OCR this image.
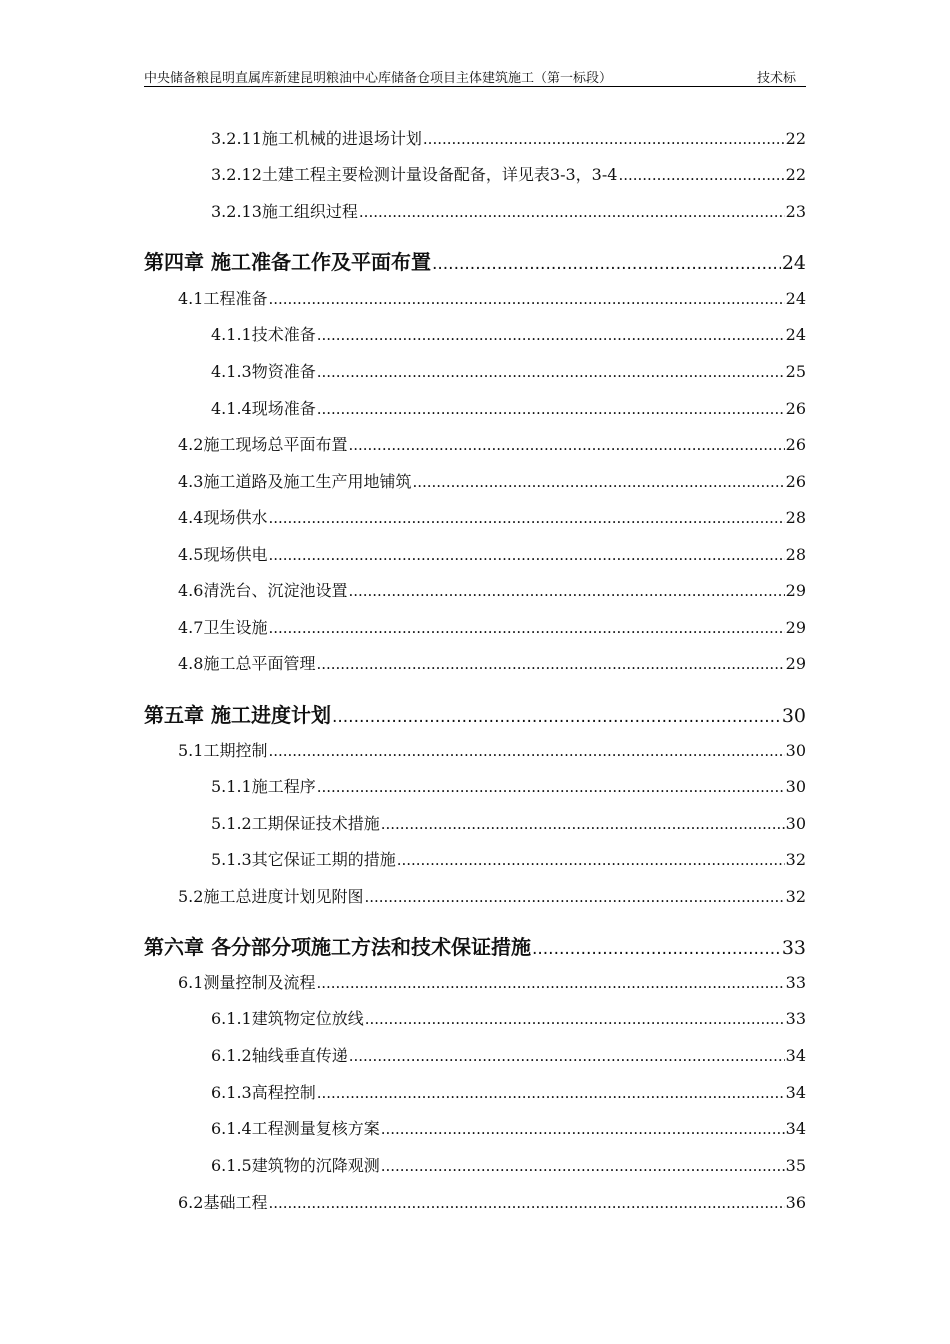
中央储备粮昆明直属库新建昆明粮油中心库储备仓项目主体建筑施工（第一标段）	技术标
3.2.11施工机械的进退场计划 .....	22
3.2.12土建工程主要检测计量设备配备，详见表3-3，3-4 .....	22
3.2.13施工组织过程 .....	23
第四章 施工准备工作及平面布置 .....	24
4.1工程准备 .....	24
4.1.1技术准备 .....	24
4.1.3物资准备 .....	25
4.1.4现场准备 .....	26
4.2施工现场总平面布置 .....	26
4.3施工道路及施工生产用地铺筑 .....	26
4.4现场供水 .....	28
4.5现场供电 .....	28
4.6清洗台、沉淀池设置 .....	29
4.7卫生设施 .....	29
4.8施工总平面管理 .....	29
第五章 施工进度计划 .....	30
5.1工期控制 .....	30
5.1.1施工程序 .....	30
5.1.2工期保证技术措施 .....	30
5.1.3其它保证工期的措施 .....	32
5.2施工总进度计划见附图 .....	32
第六章 各分部分项施工方法和技术保证措施 .....	33
6.1测量控制及流程 .....	33
6.1.1建筑物定位放线 .....	33
6.1.2轴线垂直传递 .....	34
6.1.3高程控制 .....	34
6.1.4工程测量复核方案 .....	34
6.1.5建筑物的沉降观测 .....	35
6.2基础工程 .....	36
